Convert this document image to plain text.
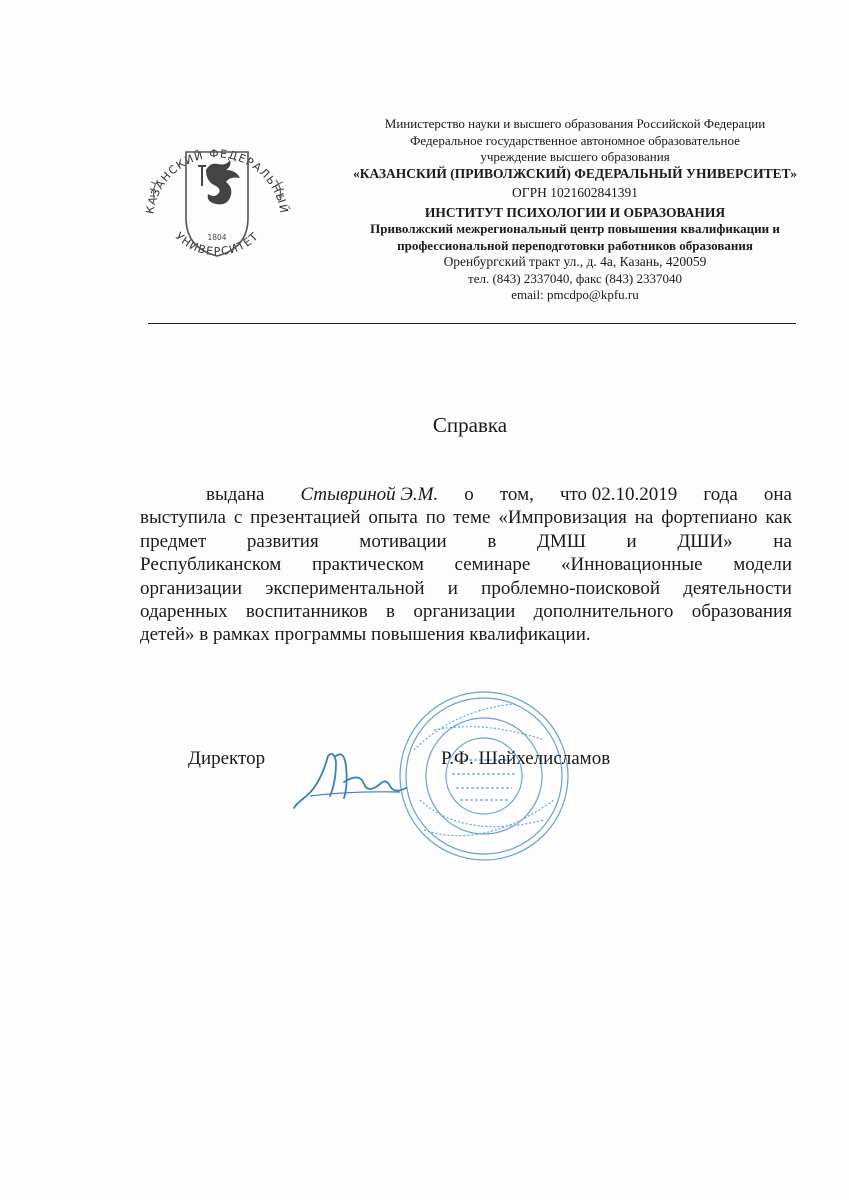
КАЗАНСКИЙ ФЕДЕРАЛЬНЫЙ
УНИВЕРСИТЕТ
1804
Министерство науки и высшего образования Российской Федерации
Федеральное государственное автономное образовательное
учреждение высшего образования
«КАЗАНСКИЙ (ПРИВОЛЖСКИЙ) ФЕДЕРАЛЬНЫЙ УНИВЕРСИТЕТ»
ОГРН 1021602841391
ИНСТИТУТ ПСИХОЛОГИИ И ОБРАЗОВАНИЯ
Приволжский межрегиональный центр повышения квалификации и
профессиональной переподготовки работников образования
Оренбургский тракт ул., д. 4а, Казань, 420059
тел. (843) 2337040, факс (843) 2337040
email: pmcdpo@kpfu.ru
Справка
выдана Стывриной Э.М. о том, что 02.10.2019 года она
выступила с презентацией опыта по теме «Импровизация на фортепиано как
предмет развития мотивации в ДМШ и ДШИ» на
Республиканском практическом семинаре «Инновационные модели
организации экспериментальной и проблемно-поисковой деятельности
одаренных воспитанников в организации дополнительного образования
детей» в рамках программы повышения квалификации.
Директор	Р.Ф. Шайхелисламов
